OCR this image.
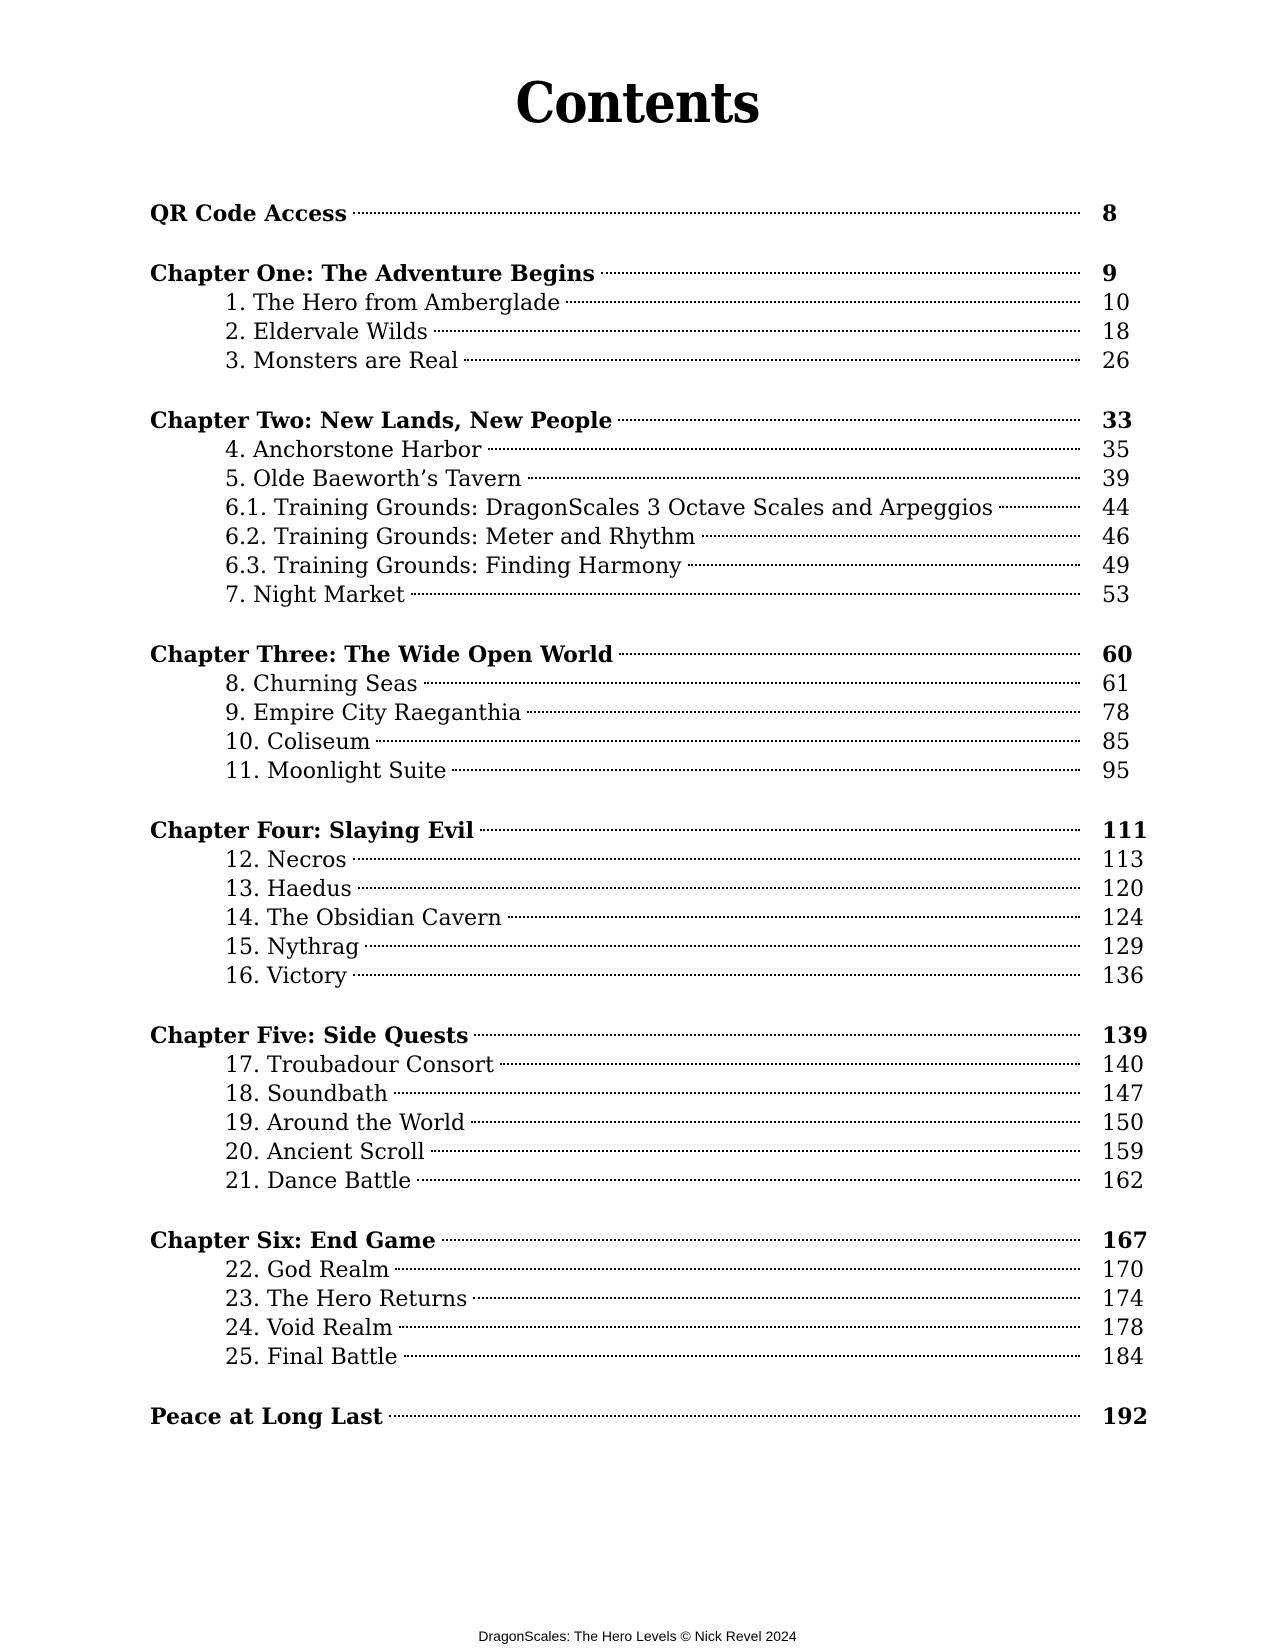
Contents
QR Code Access	8
Chapter One: The Adventure Begins	9
1. The Hero from Amberglade	10
2. Eldervale Wilds	18
3. Monsters are Real	26
Chapter Two: New Lands, New People	33
4. Anchorstone Harbor	35
5. Olde Baeworth’s Tavern	39
6.1. Training Grounds: DragonScales 3 Octave Scales and Arpeggios	44
6.2. Training Grounds: Meter and Rhythm	46
6.3. Training Grounds: Finding Harmony	49
7. Night Market	53
Chapter Three: The Wide Open World	60
8. Churning Seas	61
9. Empire City Raeganthia	78
10. Coliseum	85
11. Moonlight Suite	95
Chapter Four: Slaying Evil	111
12. Necros	113
13. Haedus	120
14. The Obsidian Cavern	124
15. Nythrag	129
16. Victory	136
Chapter Five: Side Quests	139
17. Troubadour Consort	140
18. Soundbath	147
19. Around the World	150
20. Ancient Scroll	159
21. Dance Battle	162
Chapter Six: End Game	167
22. God Realm	170
23. The Hero Returns	174
24. Void Realm	178
25. Final Battle	184
Peace at Long Last	192
DragonScales: The Hero Levels © Nick Revel 2024
